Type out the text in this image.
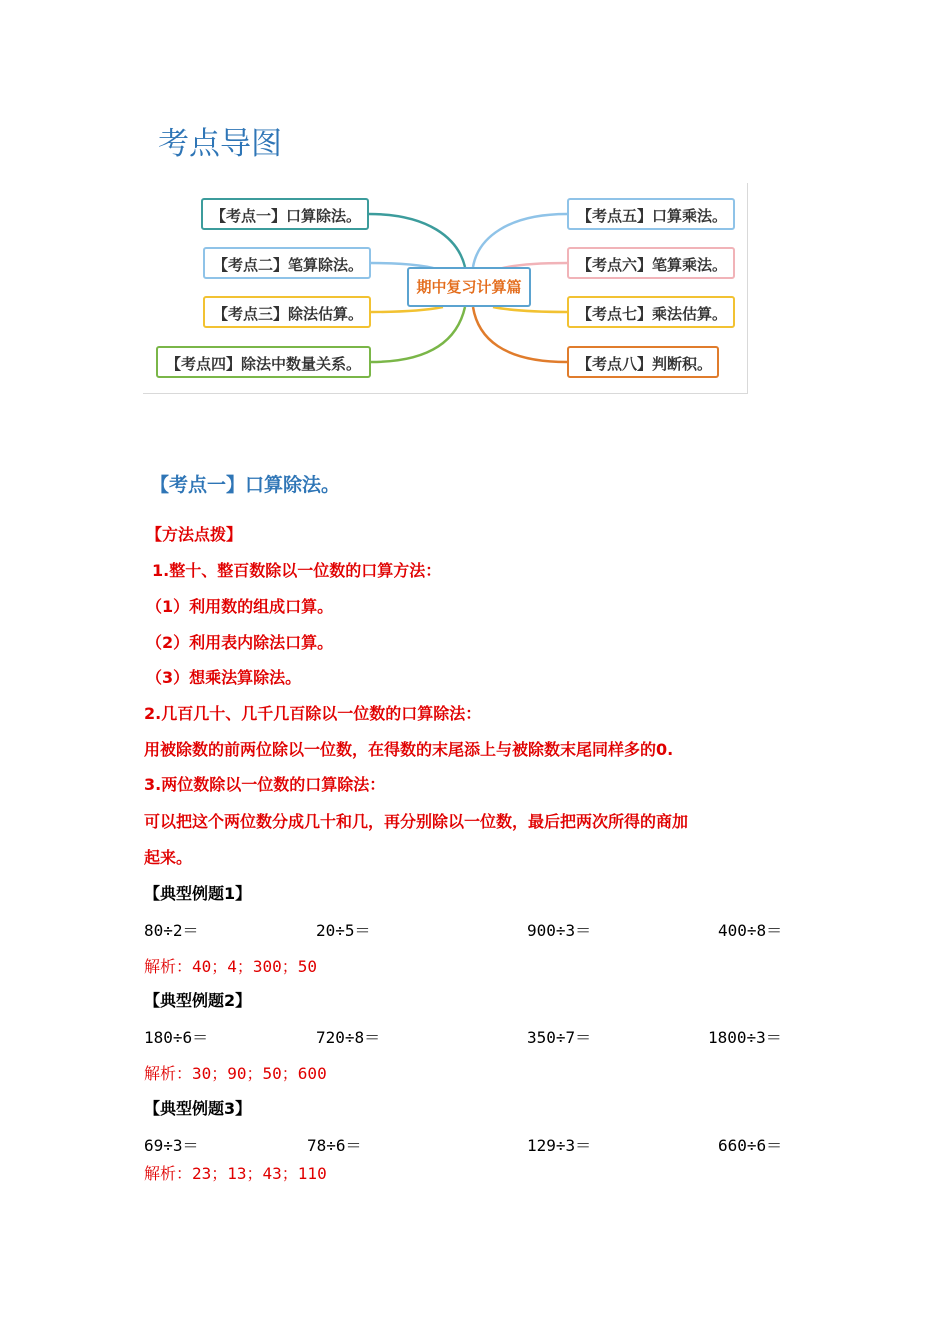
考点导图
【考点一】口算除法。
【考点二】笔算除法。
【考点三】除法估算。
【考点四】除法中数量关系。
【考点五】口算乘法。
【考点六】笔算乘法。
【考点七】乘法估算。
【考点八】判断积。
期中复习计算篇
【考点一】口算除法。
【方法点拨】
1.整十、整百数除以一位数的口算方法：
（1）利用数的组成口算。
（2）利用表内除法口算。
（3）想乘法算除法。
2.几百几十、几千几百除以一位数的口算除法：
用被除数的前两位除以一位数，在得数的末尾添上与被除数末尾同样多的0.
3.两位数除以一位数的口算除法：
可以把这个两位数分成几十和几，再分别除以一位数，最后把两次所得的商加
起来。
【典型例题1】
80÷2＝	20÷5＝	900÷3＝	400÷8＝
解析：40；4；300；50
【典型例题2】
180÷6＝	720÷8＝	350÷7＝	1800÷3＝
解析：30；90；50；600
【典型例题3】
69÷3＝	78÷6＝	129÷3＝	660÷6＝
解析：23；13；43；110
